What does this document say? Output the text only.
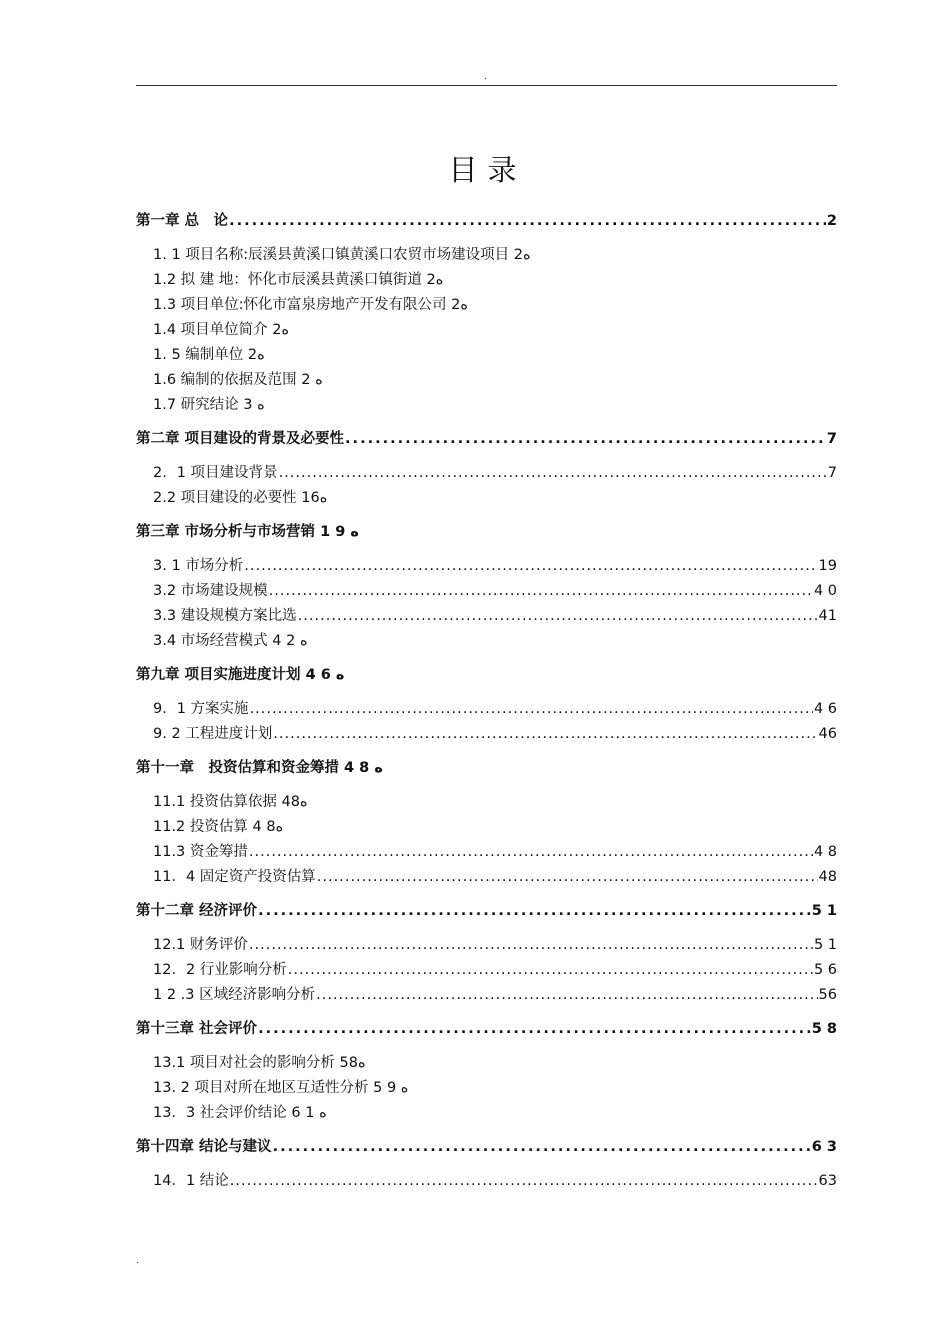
.
目录
第一章 总　论 .....	2
1. 1 项目名称:辰溪县黄溪口镇黄溪口农贸市场建设项目 2ە
1.2 拟 建 地：怀化市辰溪县黄溪口镇街道 2ە
1.3 项目单位:怀化市富泉房地产开发有限公司 2ە
1.4 项目单位简介 2ە
1. 5 编制单位 2ە
1.6 编制的依据及范围 2 ە
1.7 研究结论 3 ە
第二章 项目建设的背景及必要性 .....	7
2．1 项目建设背景 .....	7
2.2 项目建设的必要性 16ە
第三章 市场分析与市场营销 1 9 ە
3. 1 市场分析 .....	19
3.2 市场建设规模 .....	4 0
3.3 建设规模方案比选 .....	41
3.4 市场经营模式 4 2 ە
第九章 项目实施进度计划 4 6 ە
9．1 方案实施 .....	4 6
9. 2 工程进度计划 .....	46
第十一章　投资估算和资金筹措 4 8 ە
11.1 投资估算依据 48ە
11.2 投资估算 4 8ە
11.3 资金筹措 .....	4 8
11．4 固定资产投资估算 .....	48
第十二章 经济评价 .....	5 1
12.1 财务评价 .....	5 1
12．2 行业影响分析 .....	5 6
1 2 .3 区域经济影响分析 .....	56
第十三章 社会评价 .....	5 8
13.1 项目对社会的影响分析 58ە
13. 2 项目对所在地区互适性分析 5 9 ە
13．3 社会评价结论 6 1 ە
第十四章 结论与建议 .....	6 3
14．1 结论 .....	63
.
